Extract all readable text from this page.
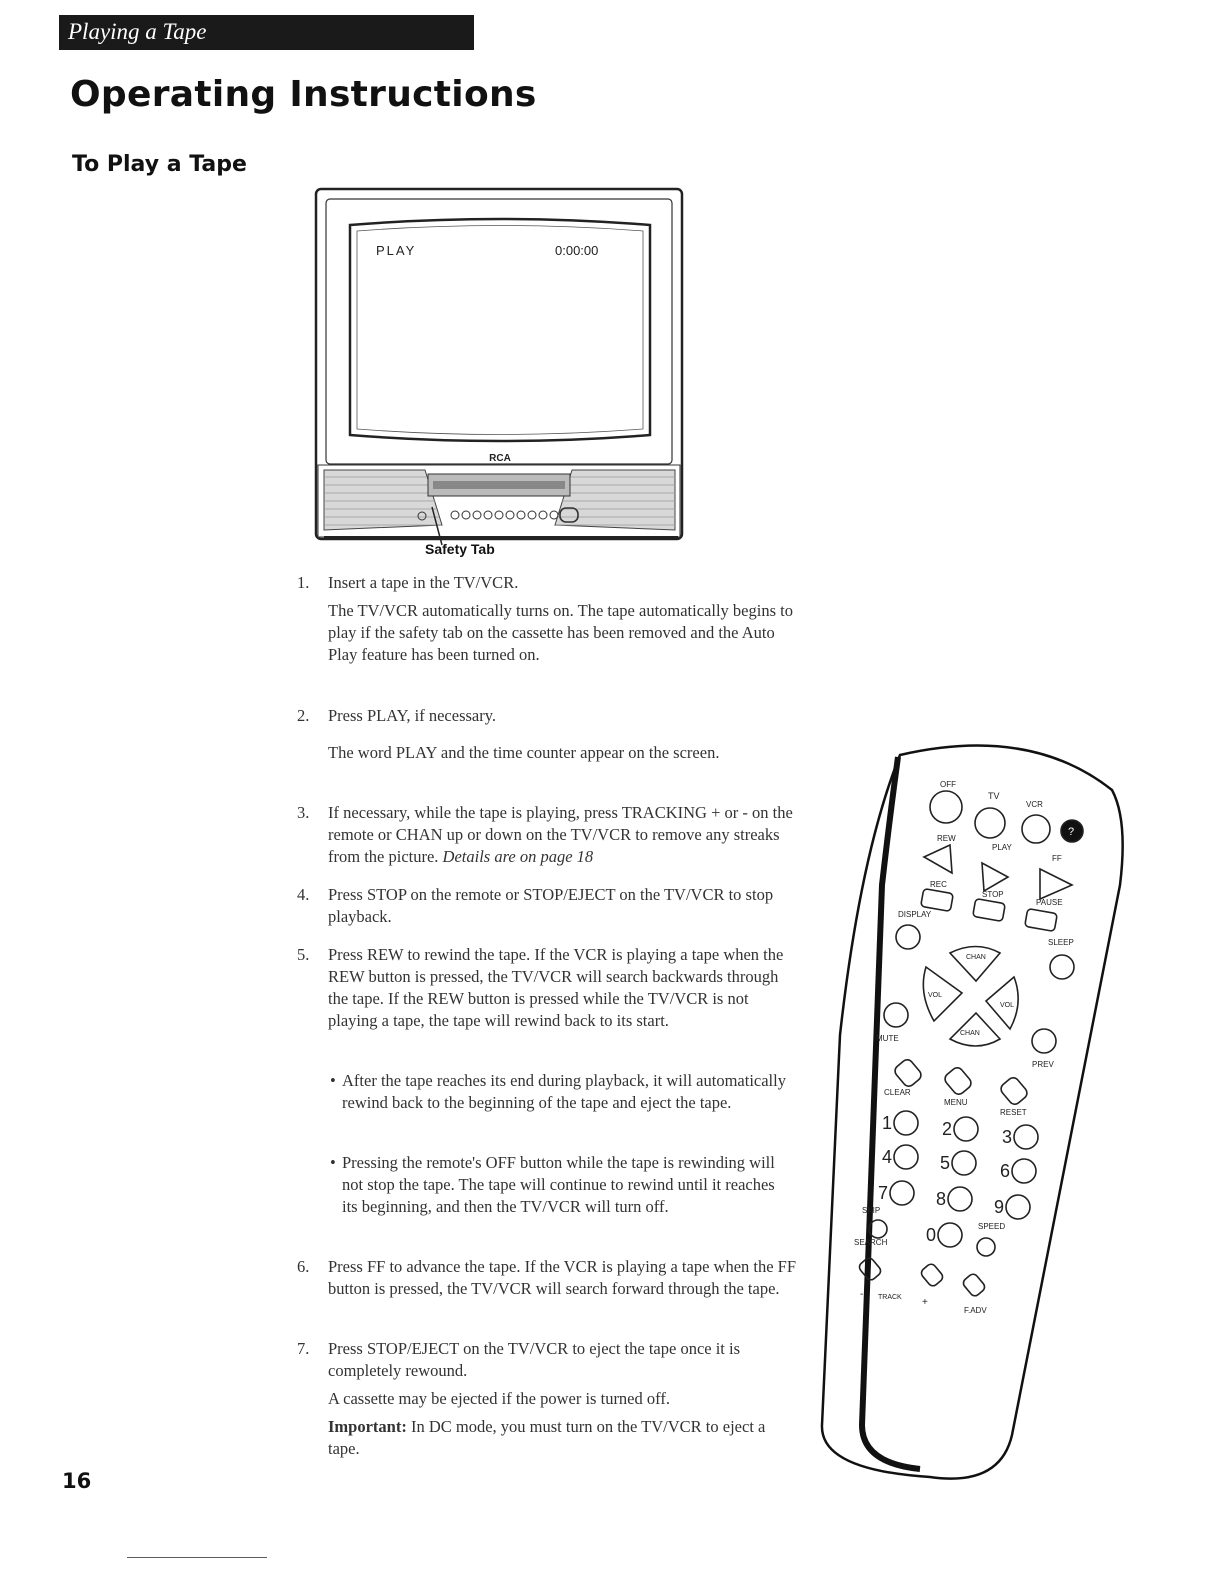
Playing a Tape
Operating Instructions
To Play a Tape
PLAY	0:00:00
RCA
Safety Tab
1.	Insert a tape in the TV/VCR.
The TV/VCR automatically turns on. The tape automatically begins to play if the safety tab on the cassette has been removed and the Auto Play feature has been turned on.
2.	Press PLAY, if necessary.
The word PLAY and the time counter appear on the screen.
3.	If necessary, while the tape is playing, press TRACKING + or - on the remote or CHAN up or down on the TV/VCR to remove any streaks from the picture. Details are on page 18
4.	Press STOP on the remote or STOP/EJECT on the TV/VCR to stop playback.
5.	Press REW to rewind the tape. If the VCR is playing a tape when the REW button is pressed, the TV/VCR will search backwards through the tape. If the REW button is pressed while the TV/VCR is not playing a tape, the tape will rewind back to its start.
• After the tape reaches its end during playback, it will automatically rewind back to the beginning of the tape and eject the tape.
• Pressing the remote's OFF button while the tape is rewinding will not stop the tape. The tape will continue to rewind until it reaches its beginning, and then the TV/VCR will turn off.
6.	Press FF to advance the tape. If the VCR is playing a tape when the FF button is pressed, the TV/VCR will search forward through the tape.
7.	Press STOP/EJECT on the TV/VCR to eject the tape once it is completely rewound.
A cassette may be ejected if the power is turned off.
Important: In DC mode, you must turn on the TV/VCR to eject a tape.
OFF
TV
VCR
?
REW
PLAY
FF
REC
STOP
PAUSE
DISPLAY
SLEEP
CHAN
VOL
VOL
CHAN
MUTE
PREV
CLEAR
MENU
RESET
1	2	3
4	5	6
7	8	9
0
SKIP
SEARCH
SPEED
- TRACK +
F.ADV
16
